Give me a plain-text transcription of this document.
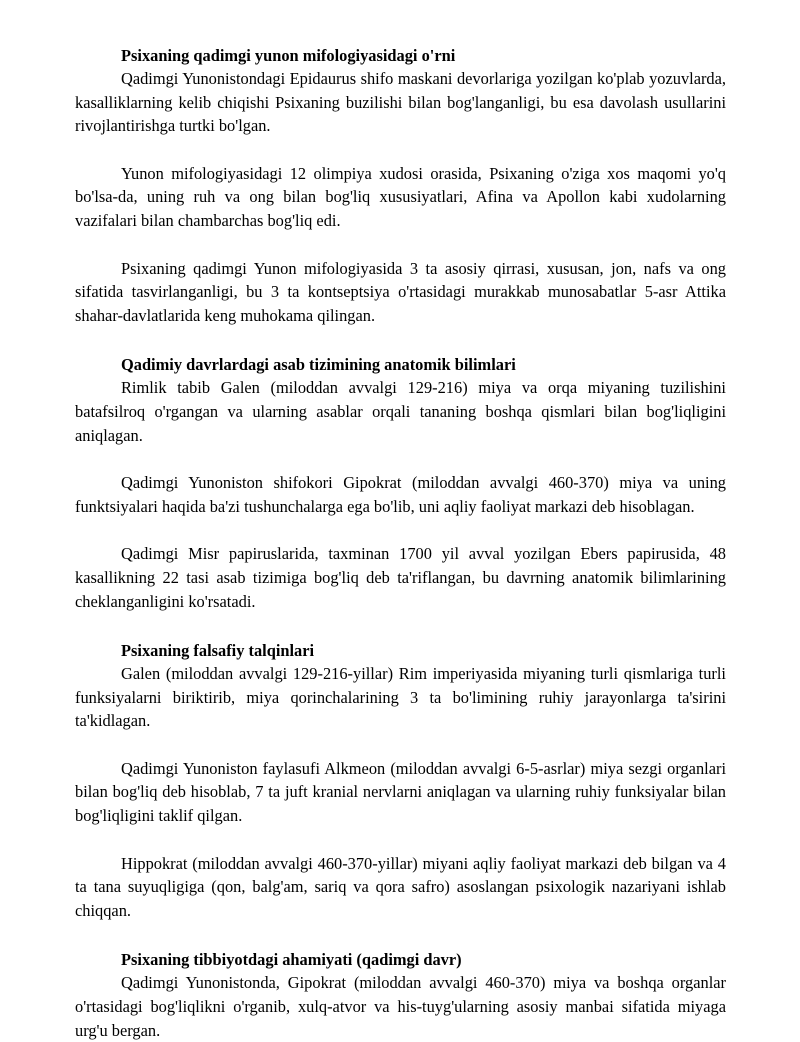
Psixaning qadimgi yunon mifologiyasidagi o'rni

Qadimgi Yunonistondagi Epidaurus shifo maskani devorlariga yozilgan ko'plab yozuvlarda, kasalliklarning kelib chiqishi Psixaning buzilishi bilan bog'langanligi, bu esa davolash usullarini rivojlantirishga turtki bo'lgan.

Yunon mifologiyasidagi 12 olimpiya xudosi orasida, Psixaning o'ziga xos maqomi yo'q bo'lsa-da, uning ruh va ong bilan bog'liq xususiyatlari, Afina va Apollon kabi xudolarning vazifalari bilan chambarchas bog'liq edi.

Psixaning qadimgi Yunon mifologiyasida 3 ta asosiy qirrasi, xususan, jon, nafs va ong sifatida tasvirlanganligi, bu 3 ta kontseptsiya o'rtasidagi murakkab munosabatlar 5-asr Attika shahar-davlatlarida keng muhokama qilingan.

Qadimiy davrlardagi asab tizimining anatomik bilimlari

Rimlik tabib Galen (miloddan avvalgi 129-216) miya va orqa miyaning tuzilishini batafsilroq o'rgangan va ularning asablar orqali tananing boshqa qismlari bilan bog'liqligini aniqlagan.

Qadimgi Yunoniston shifokori Gipokrat (miloddan avvalgi 460-370) miya va uning funktsiyalari haqida ba'zi tushunchalarga ega bo'lib, uni aqliy faoliyat markazi deb hisoblagan.

Qadimgi Misr papiruslarida, taxminan 1700 yil avval yozilgan Ebers papirusida, 48 kasallikning 22 tasi asab tizimiga bog'liq deb ta'riflangan, bu davrning anatomik bilimlarining cheklanganligini ko'rsatadi.

Psixaning falsafiy talqinlari

Galen (miloddan avvalgi 129-216-yillar) Rim imperiyasida miyaning turli qismlariga turli funksiyalarni biriktirib, miya qorinchalarining 3 ta bo'limining ruhiy jarayonlarga ta'sirini ta'kidlagan.

Qadimgi Yunoniston faylasufi Alkmeon (miloddan avvalgi 6-5-asrlar) miya sezgi organlari bilan bog'liq deb hisoblab, 7 ta juft kranial nervlarni aniqlagan va ularning ruhiy funksiyalar bilan bog'liqligini taklif qilgan.

Hippokrat (miloddan avvalgi 460-370-yillar) miyani aqliy faoliyat markazi deb bilgan va 4 ta tana suyuqligiga (qon, balg'am, sariq va qora safro) asoslangan psixologik nazariyani ishlab chiqqan.

Psixaning tibbiyotdagi ahamiyati (qadimgi davr)

Qadimgi Yunonistonda, Gipokrat (miloddan avvalgi 460-370) miya va boshqa organlar o'rtasidagi bog'liqlikni o'rganib, xulq-atvor va his-tuyg'ularning asosiy manbai sifatida miyaga urg'u bergan.
